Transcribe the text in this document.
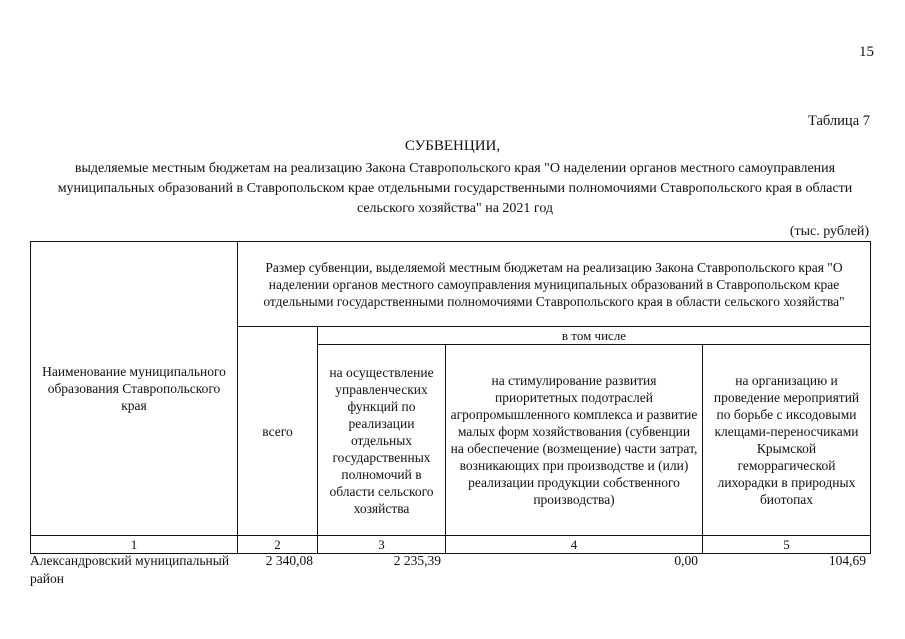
15
Таблица 7
СУБВЕНЦИИ,
выделяемые местным бюджетам на реализацию Закона Ставропольского края "О наделении органов местного самоуправления муниципальных образований в Ставропольском крае отдельными государственными полномочиями Ставропольского края в области сельского хозяйства" на 2021 год
(тыс. рублей)
Наименование муниципального образования Ставропольского края	Размер субвенции, выделяемой местным бюджетам на реализацию Закона Ставропольского края "О наделении органов местного самоуправления муниципальных образований в Ставропольском крае отдельными государственными полномочиями Ставропольского края в области сельского хозяйства"			
	всего	в том числе		
		на осуществление управленческих функций по реализации отдельных государственных полномочий в области сельского хозяйства	на стимулирование развития приоритетных подотраслей агропромышленного комплекса и развитие малых форм хозяйствования (субвенции на обеспечение (возмещение) части затрат, возникающих при производстве и (или) реализации продукции собственного производства)	на организацию и проведение мероприятий по борьбе с иксодовыми клещами-переносчиками Крымской геморрагической лихорадки в природных биотопах
1	2	3	4	5
Александровский муниципальный район	2 340,08	2 235,39	0,00	104,69
